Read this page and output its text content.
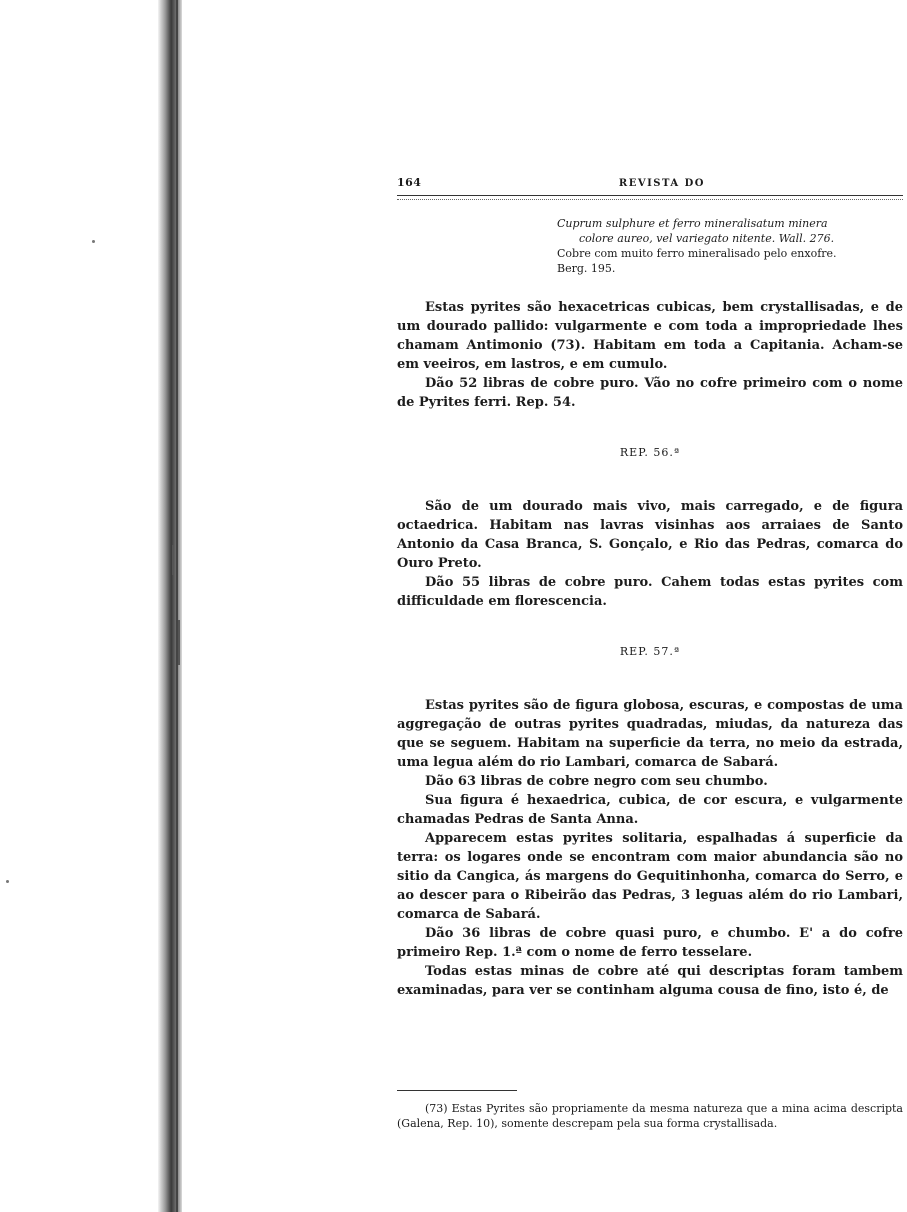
164	REVISTA DO
Cuprum sulphure et ferro mineralisatum minera
colore aureo, vel variegato nitente. Wall. 276.
Cobre com muito ferro mineralisado pelo enxofre.
Berg. 195.

Estas pyrites são hexacetricas cubicas, bem crystallisadas, e de um dourado pallido: vulgarmente e com toda a impropriedade lhes chamam Antimonio (73). Habitam em toda a Capitania. Acham-se em veeiros, em lastros, e em cumulo.

Dão 52 libras de cobre puro. Vão no cofre primeiro com o nome de Pyrites ferri. Rep. 54.

REP. 56.ª

São de um dourado mais vivo, mais carregado, e de figura octaedrica. Habitam nas lavras visinhas aos arraiaes de Santo Antonio da Casa Branca, S. Gonçalo, e Rio das Pedras, comarca do Ouro Preto.

Dão 55 libras de cobre puro. Cahem todas estas pyrites com difficuldade em florescencia.

REP. 57.ª

Estas pyrites são de figura globosa, escuras, e compostas de uma aggregação de outras pyrites quadradas, miudas, da natureza das que se seguem. Habitam na superficie da terra, no meio da estrada, uma legua além do rio Lambari, comarca de Sabará.

Dão 63 libras de cobre negro com seu chumbo.

Sua figura é hexaedrica, cubica, de cor escura, e vulgarmente chamadas Pedras de Santa Anna.

Apparecem estas pyrites solitaria, espalhadas á superficie da terra: os logares onde se encontram com maior abundancia são no sitio da Cangica, ás margens do Gequitinhonha, comarca do Serro, e ao descer para o Ribeirão das Pedras, 3 leguas além do rio Lambari, comarca de Sabará.

Dão 36 libras de cobre quasi puro, e chumbo. E' a do cofre primeiro Rep. 1.ª com o nome de ferro tesselare.

Todas estas minas de cobre até qui descriptas foram tambem examinadas, para ver se continham alguma cousa de fino, isto é, de

(73) Estas Pyrites são propriamente da mesma natureza que a mina acima descripta (Galena, Rep. 10), somente descrepam pela sua forma crystallisada.
